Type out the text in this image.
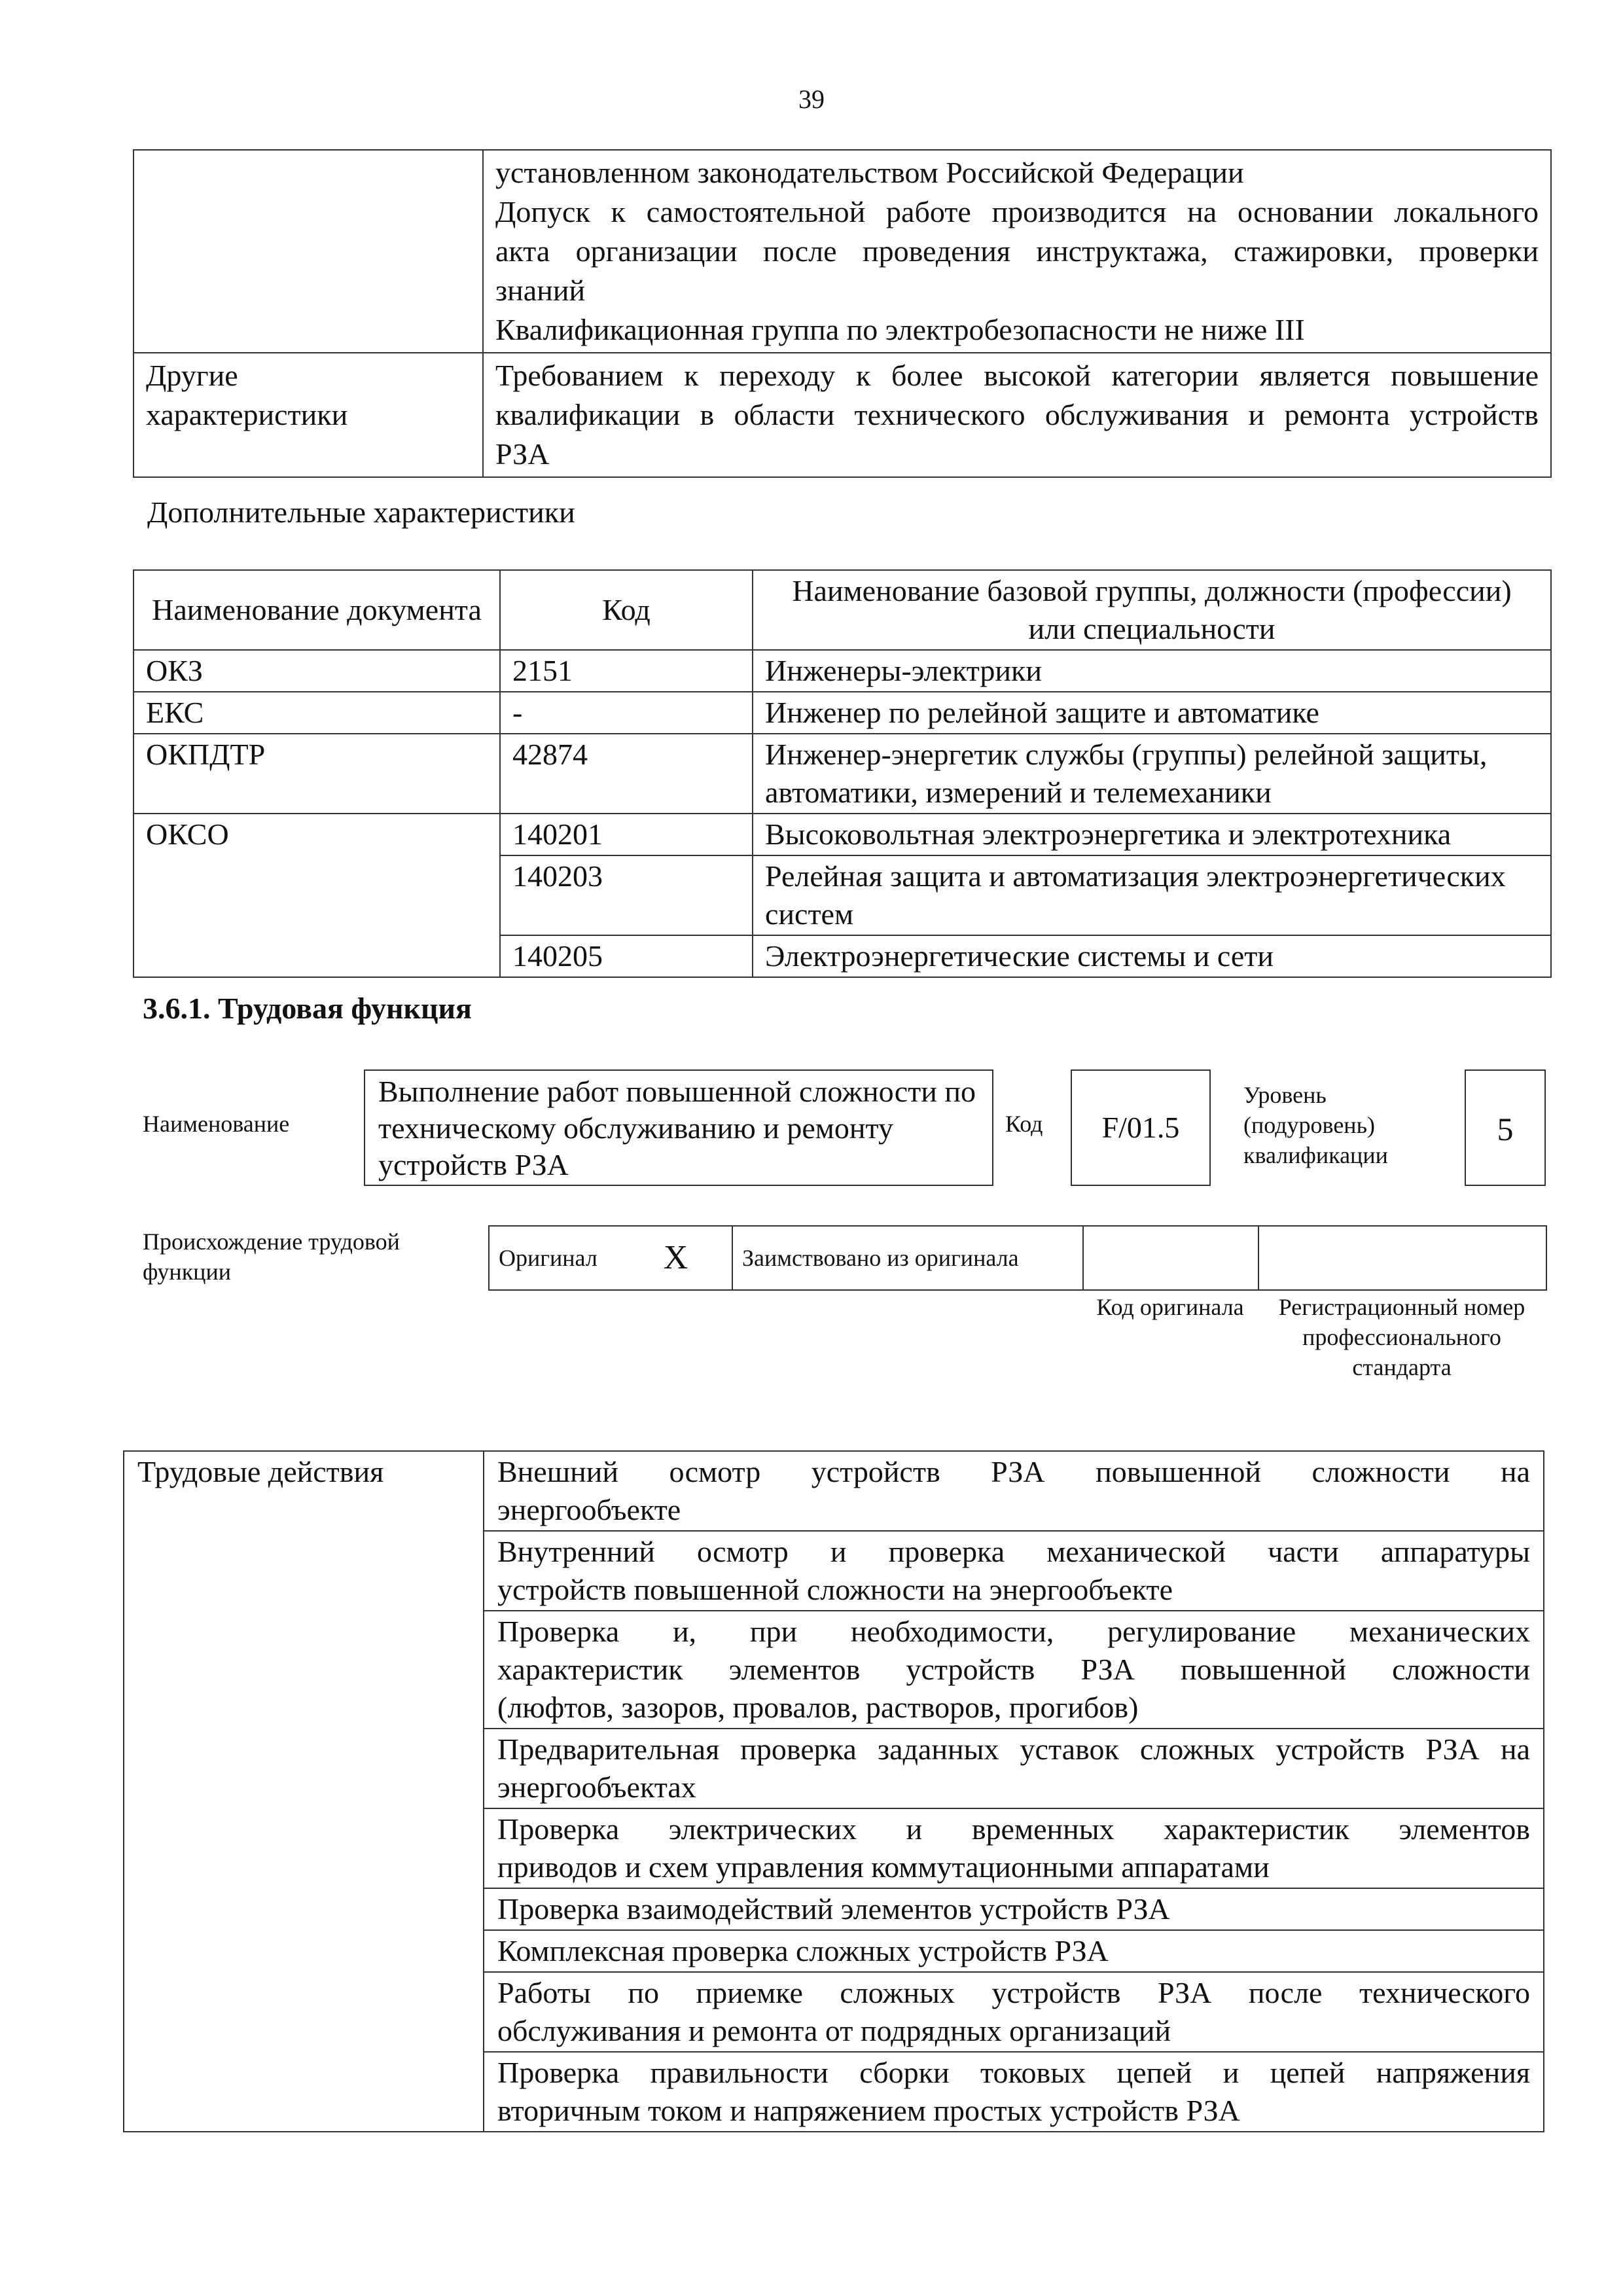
39

	установленном законодательством Российской Федерации
Допуск к самостоятельной работе производится на основании локального
акта организации после проведения инструктажа, стажировки, проверки
знаний
Квалификационная группа по электробезопасности не ниже III

Другие
характеристики	Требованием к переходу к более высокой категории является повышение
квалификации в области технического обслуживания и ремонта устройств
РЗА
Дополнительные характеристики
Наименование документа	Код	Наименование базовой группы, должности (профессии) или специальности
ОКЗ	2151	Инженеры-электрики
ЕКС	-	Инженер по релейной защите и автоматике
ОКПДТР	42874	Инженер-энергетик службы (группы) релейной защиты, автоматики, измерений и телемеханики
ОКСО	140201	Высоковольтная электроэнергетика и электротехника
	140203	Релейная защита и автоматизация электроэнергетических систем
	140205	Электроэнергетические системы и сети
3.6.1. Трудовая функция
Наименование
Выполнение работ повышенной сложности по техническому обслуживанию и ремонту устройств РЗА
Код	F/01.5
Уровень (подуровень) квалификации
5
Происхождение трудовой функции
Оригинал	X	Заимствовано из оригинала		
Код оригинала	Регистрационный номер профессионального стандарта
Трудовые действия	Внешний осмотр устройств РЗА повышенной сложности на
энергообъекте

Внутренний осмотр и проверка механической части аппаратуры
устройств повышенной сложности на энергообъекте

Проверка и, при необходимости, регулирование механических
характеристик элементов устройств РЗА повышенной сложности
(люфтов, зазоров, провалов, растворов, прогибов)

Предварительная проверка заданных уставок сложных устройств РЗА на
энергообъектах

Проверка электрических и временных характеристик элементов
приводов и схем управления коммутационными аппаратами

Проверка взаимодействий элементов устройств РЗА

Комплексная проверка сложных устройств РЗА

Работы по приемке сложных устройств РЗА после технического
обслуживания и ремонта от подрядных организаций

Проверка правильности сборки токовых цепей и цепей напряжения
вторичным током и напряжением простых устройств РЗА
